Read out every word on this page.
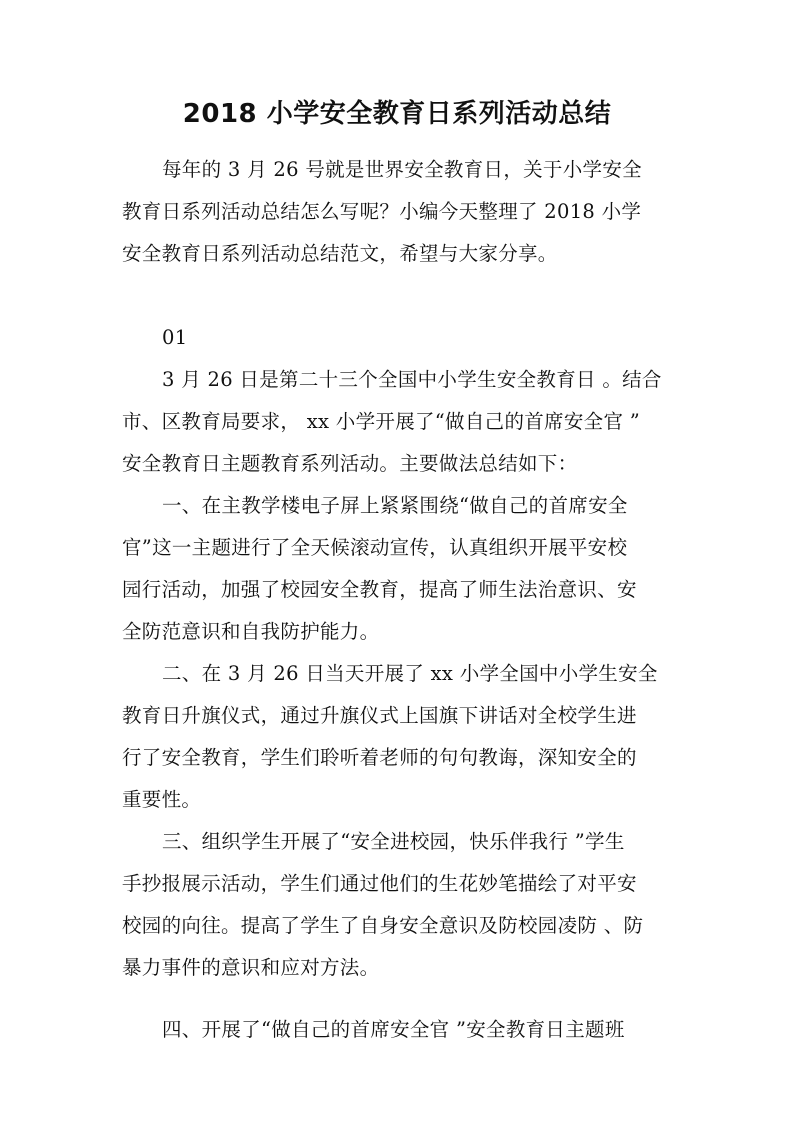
2018 小学安全教育日系列活动总结
每年的 3 月 26 号就是世界安全教育日，关于小学安全
教育日系列活动总结怎么写呢？小编今天整理了 2018 小学
安全教育日系列活动总结范文，希望与大家分享。
01
3 月 26 日是第二十三个全国中小学生安全教育日 。结合
市、区教育局要求， xx 小学开展了“做自己的首席安全官 ”
安全教育日主题教育系列活动。主要做法总结如下：
一、在主教学楼电子屏上紧紧围绕“做自己的首席安全
官”这一主题进行了全天候滚动宣传，认真组织开展平安校
园行活动，加强了校园安全教育，提高了师生法治意识、安
全防范意识和自我防护能力。
二、在 3 月 26 日当天开展了 xx 小学全国中小学生安全
教育日升旗仪式，通过升旗仪式上国旗下讲话对全校学生进
行了安全教育，学生们聆听着老师的句句教诲，深知安全的
重要性。
三、组织学生开展了“安全进校园，快乐伴我行 ”学生
手抄报展示活动，学生们通过他们的生花妙笔描绘了对平安
校园的向往。提高了学生了自身安全意识及防校园凌防 、防
暴力事件的意识和应对方法。
四、开展了“做自己的首席安全官 ”安全教育日主题班
